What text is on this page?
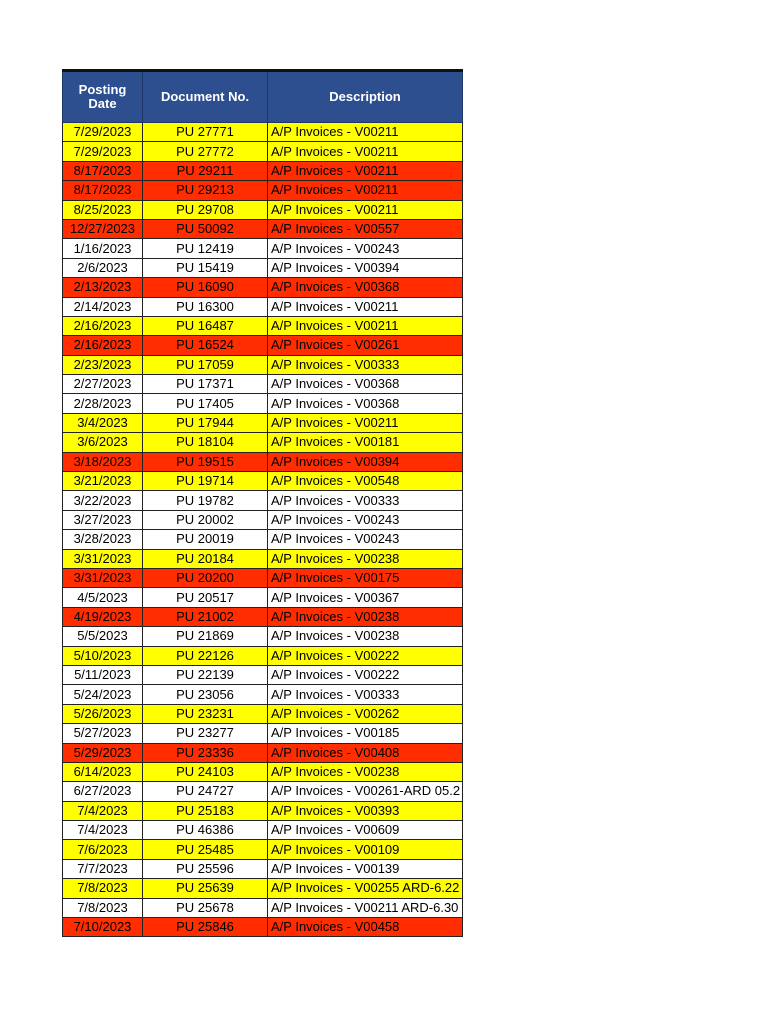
Posting
Date	Document No.	Description
7/29/2023	PU 27771	A/P Invoices - V00211
7/29/2023	PU 27772	A/P Invoices - V00211
8/17/2023	PU 29211	A/P Invoices - V00211
8/17/2023	PU 29213	A/P Invoices - V00211
8/25/2023	PU 29708	A/P Invoices - V00211
12/27/2023	PU 50092	A/P Invoices - V00557
1/16/2023	PU 12419	A/P Invoices - V00243
2/6/2023	PU 15419	A/P Invoices - V00394
2/13/2023	PU 16090	A/P Invoices - V00368
2/14/2023	PU 16300	A/P Invoices - V00211
2/16/2023	PU 16487	A/P Invoices - V00211
2/16/2023	PU 16524	A/P Invoices - V00261
2/23/2023	PU 17059	A/P Invoices - V00333
2/27/2023	PU 17371	A/P Invoices - V00368
2/28/2023	PU 17405	A/P Invoices - V00368
3/4/2023	PU 17944	A/P Invoices - V00211
3/6/2023	PU 18104	A/P Invoices - V00181
3/18/2023	PU 19515	A/P Invoices - V00394
3/21/2023	PU 19714	A/P Invoices - V00548
3/22/2023	PU 19782	A/P Invoices - V00333
3/27/2023	PU 20002	A/P Invoices - V00243
3/28/2023	PU 20019	A/P Invoices - V00243
3/31/2023	PU 20184	A/P Invoices - V00238
3/31/2023	PU 20200	A/P Invoices - V00175
4/5/2023	PU 20517	A/P Invoices - V00367
4/19/2023	PU 21002	A/P Invoices - V00238
5/5/2023	PU 21869	A/P Invoices - V00238
5/10/2023	PU 22126	A/P Invoices - V00222
5/11/2023	PU 22139	A/P Invoices - V00222
5/24/2023	PU 23056	A/P Invoices - V00333
5/26/2023	PU 23231	A/P Invoices - V00262
5/27/2023	PU 23277	A/P Invoices - V00185
5/29/2023	PU 23336	A/P Invoices - V00408
6/14/2023	PU 24103	A/P Invoices - V00238
6/27/2023	PU 24727	A/P Invoices - V00261-ARD 05.2
7/4/2023	PU 25183	A/P Invoices - V00393
7/4/2023	PU 46386	A/P Invoices - V00609
7/6/2023	PU 25485	A/P Invoices - V00109
7/7/2023	PU 25596	A/P Invoices - V00139
7/8/2023	PU 25639	A/P Invoices - V00255 ARD-6.22
7/8/2023	PU 25678	A/P Invoices - V00211 ARD-6.30
7/10/2023	PU 25846	A/P Invoices - V00458
